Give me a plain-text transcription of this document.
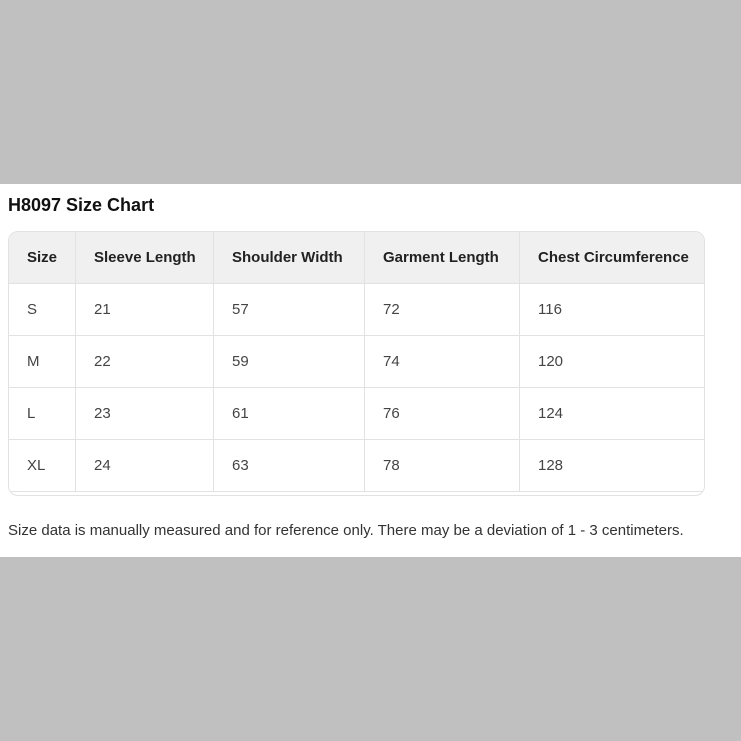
H8097 Size Chart
Size	Sleeve Length	Shoulder Width	Garment Length	Chest Circumference
S	21	57	72	116
M	22	59	74	120
L	23	61	76	124
XL	24	63	78	128

Size data is manually measured and for reference only. There may be a deviation of 1 - 3 centimeters.
